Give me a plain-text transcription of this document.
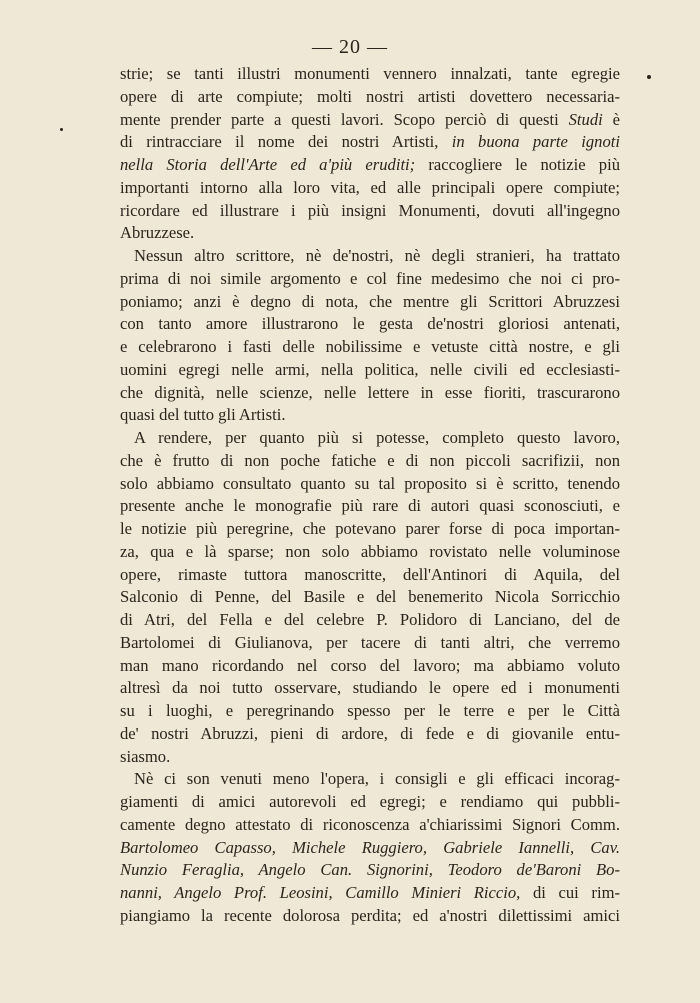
— 20 —
strie; se tanti illustri monumenti vennero innalzati, tante egregie
opere di arte compiute; molti nostri artisti dovettero necessaria-
mente prender parte a questi lavori. Scopo perciò di questi Studi è
di rintracciare il nome dei nostri Artisti, in buona parte ignoti
nella Storia dell'Arte ed a'più eruditi; raccogliere le notizie più
importanti intorno alla loro vita, ed alle principali opere compiute;
ricordare ed illustrare i più insigni Monumenti, dovuti all'ingegno
Abruzzese.
Nessun altro scrittore, nè de'nostri, nè degli stranieri, ha trattato
prima di noi simile argomento e col fine medesimo che noi ci pro-
poniamo; anzi è degno di nota, che mentre gli Scrittori Abruzzesi
con tanto amore illustrarono le gesta de'nostri gloriosi antenati,
e celebrarono i fasti delle nobilissime e vetuste città nostre, e gli
uomini egregi nelle armi, nella politica, nelle civili ed ecclesiasti-
che dignità, nelle scienze, nelle lettere in esse fioriti, trascurarono
quasi del tutto gli Artisti.
A rendere, per quanto più si potesse, completo questo lavoro,
che è frutto di non poche fatiche e di non piccoli sacrifizii, non
solo abbiamo consultato quanto su tal proposito si è scritto, tenendo
presente anche le monografie più rare di autori quasi sconosciuti, e
le notizie più peregrine, che potevano parer forse di poca importan-
za, qua e là sparse; non solo abbiamo rovistato nelle voluminose
opere, rimaste tuttora manoscritte, dell'Antinori di Aquila, del
Salconio di Penne, del Basile e del benemerito Nicola Sorricchio
di Atri, del Fella e del celebre P. Polidoro di Lanciano, del de
Bartolomei di Giulianova, per tacere di tanti altri, che verremo
man mano ricordando nel corso del lavoro; ma abbiamo voluto
altresì da noi tutto osservare, studiando le opere ed i monumenti
su i luoghi, e peregrinando spesso per le terre e per le Città
de' nostri Abruzzi, pieni di ardore, di fede e di giovanile entu-
siasmo.
Nè ci son venuti meno l'opera, i consigli e gli efficaci incorag-
giamenti di amici autorevoli ed egregi; e rendiamo qui pubbli-
camente degno attestato di riconoscenza a'chiarissimi Signori Comm.
Bartolomeo Capasso, Michele Ruggiero, Gabriele Iannelli, Cav.
Nunzio Feraglia, Angelo Can. Signorini, Teodoro de'Baroni Bo-
nanni, Angelo Prof. Leosini, Camillo Minieri Riccio, di cui rim-
piangiamo la recente dolorosa perdita; ed a'nostri dilettissimi amici
